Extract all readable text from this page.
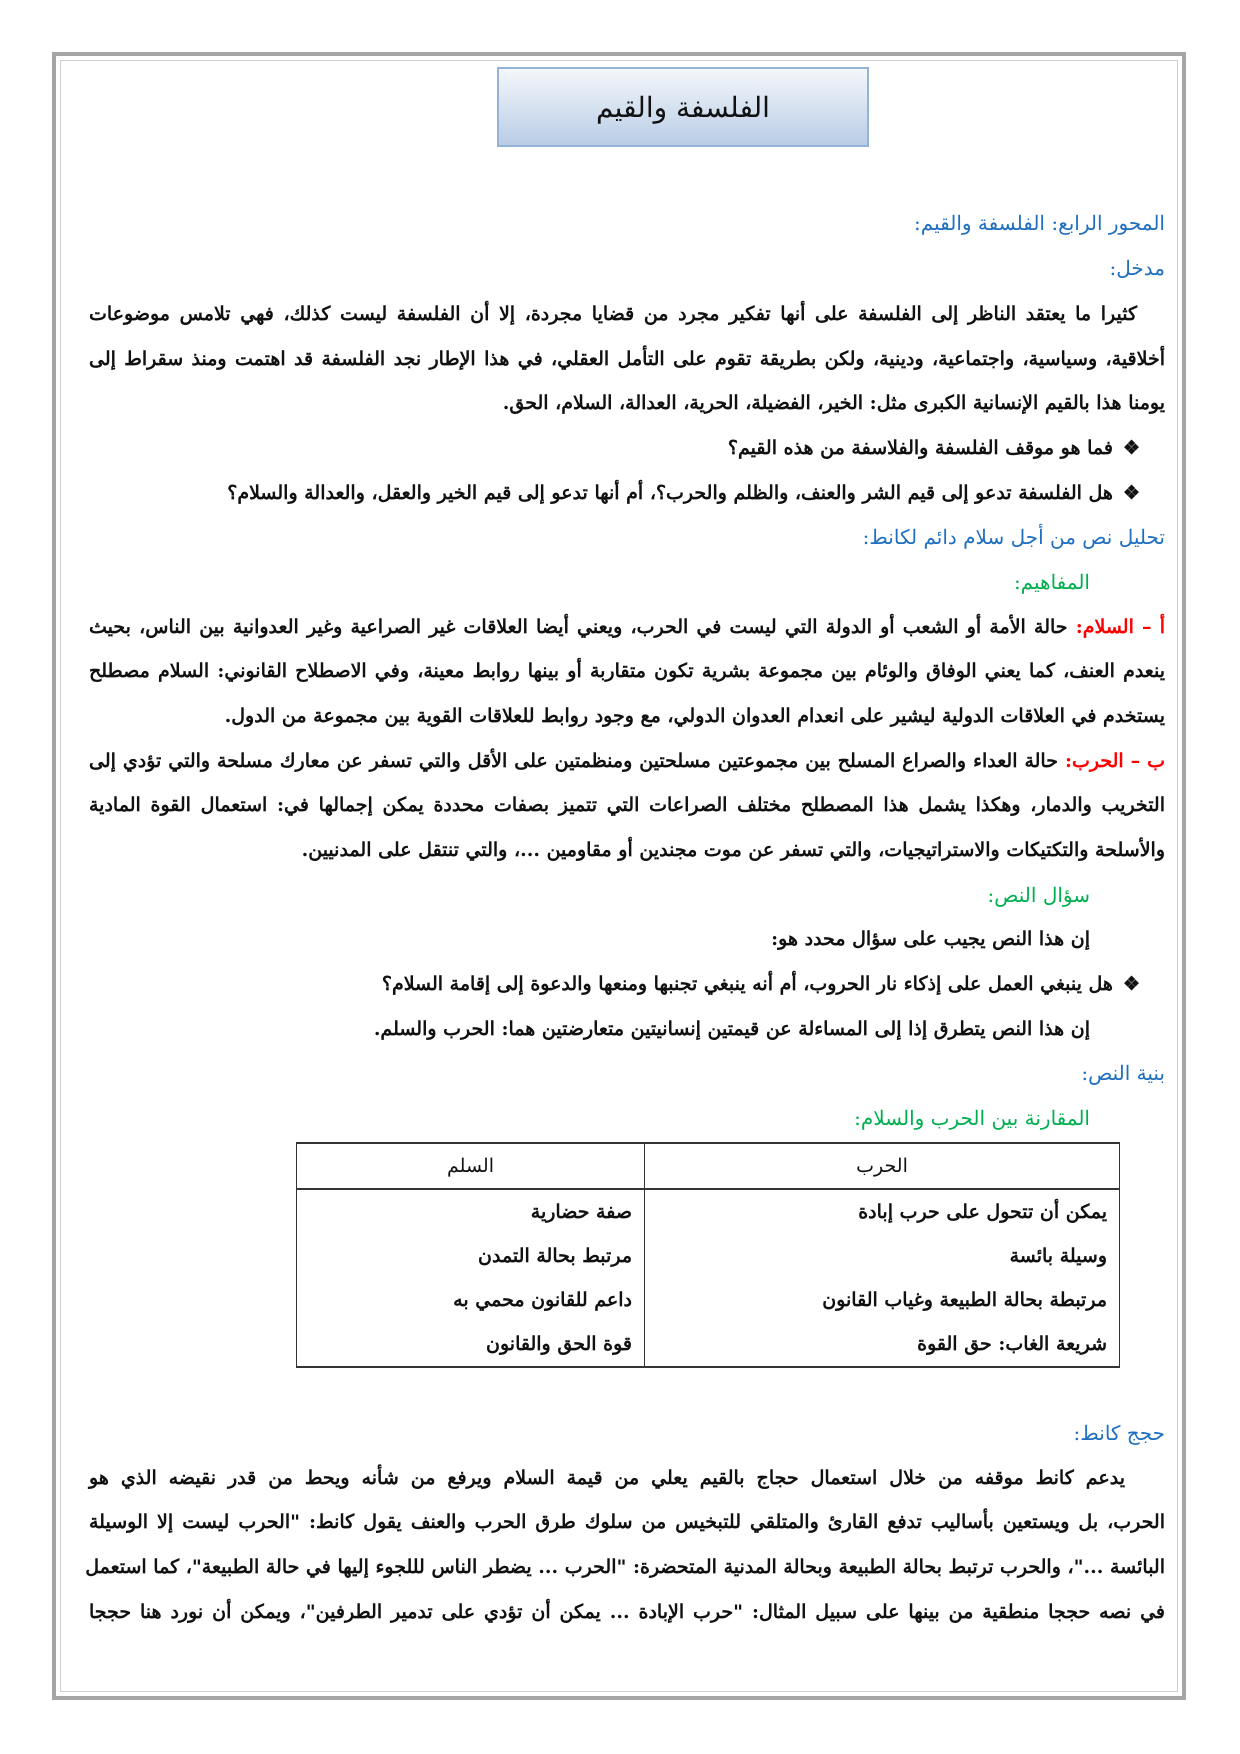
الفلسفة والقيم
المحور الرابع: الفلسفة والقيم:
مدخل:
كثيرا ما يعتقد الناظر إلى الفلسفة على أنها تفكير مجرد من قضايا مجردة، إلا أن الفلسفة ليست كذلك، فهي تلامس موضوعات
أخلاقية، وسياسية، واجتماعية، ودينية، ولكن بطريقة تقوم على التأمل العقلي، في هذا الإطار نجد الفلسفة قد اهتمت ومنذ سقراط إلى
يومنا هذا بالقيم الإنسانية الكبرى مثل: الخير، الفضيلة، الحرية، العدالة، السلام، الحق.
❖فما هو موقف الفلسفة والفلاسفة من هذه القيم؟
❖هل الفلسفة تدعو إلى قيم الشر والعنف، والظلم والحرب؟، أم أنها تدعو إلى قيم الخير والعقل، والعدالة والسلام؟
تحليل نص من أجل سلام دائم لكانط:
المفاهيم:
أ – السلام: حالة الأمة أو الشعب أو الدولة التي ليست في الحرب، ويعني أيضا العلاقات غير الصراعية وغير العدوانية بين الناس، بحيث
ينعدم العنف، كما يعني الوفاق والوئام بين مجموعة بشرية تكون متقاربة أو بينها روابط معينة، وفي الاصطلاح القانوني: السلام مصطلح
يستخدم في العلاقات الدولية ليشير على انعدام العدوان الدولي، مع وجود روابط للعلاقات القوية بين مجموعة من الدول.
ب – الحرب: حالة العداء والصراع المسلح بين مجموعتين مسلحتين ومنظمتين على الأقل والتي تسفر عن معارك مسلحة والتي تؤدي إلى
التخريب والدمار، وهكذا يشمل هذا المصطلح مختلف الصراعات التي تتميز بصفات محددة يمكن إجمالها في: استعمال القوة المادية
والأسلحة والتكتيكات والاستراتيجيات، والتي تسفر عن موت مجندين أو مقاومين ...، والتي تنتقل على المدنيين.
سؤال النص:
إن هذا النص يجيب على سؤال محدد هو:
❖هل ينبغي العمل على إذكاء نار الحروب، أم أنه ينبغي تجنبها ومنعها والدعوة إلى إقامة السلام؟
إن هذا النص يتطرق إذا إلى المساءلة عن قيمتين إنسانيتين متعارضتين هما: الحرب والسلم.
بنية النص:
المقارنة بين الحرب والسلام:
الحرب	السلم
يمكن أن تتحول على حرب إبادة	صفة حضارية
وسيلة بائسة	مرتبط بحالة التمدن
مرتبطة بحالة الطبيعة وغياب القانون	داعم للقانون محمي به
شريعة الغاب: حق القوة	قوة الحق والقانون
حجج كانط:
يدعم كانط موقفه من خلال استعمال حجاج بالقيم يعلي من قيمة السلام ويرفع من شأنه ويحط من قدر نقيضه الذي هو
الحرب، بل ويستعين بأساليب تدفع القارئ والمتلقي للتبخيس من سلوك طرق الحرب والعنف يقول كانط: "الحرب ليست إلا الوسيلة
البائسة ..."، والحرب ترتبط بحالة الطبيعة وبحالة المدنية المتحضرة: "الحرب ... يضطر الناس لللجوء إليها في حالة الطبيعة"، كما استعمل
في نصه حججا منطقية من بينها على سبيل المثال: "حرب الإبادة ... يمكن أن تؤدي على تدمير الطرفين"، ويمكن أن نورد هنا حججا
